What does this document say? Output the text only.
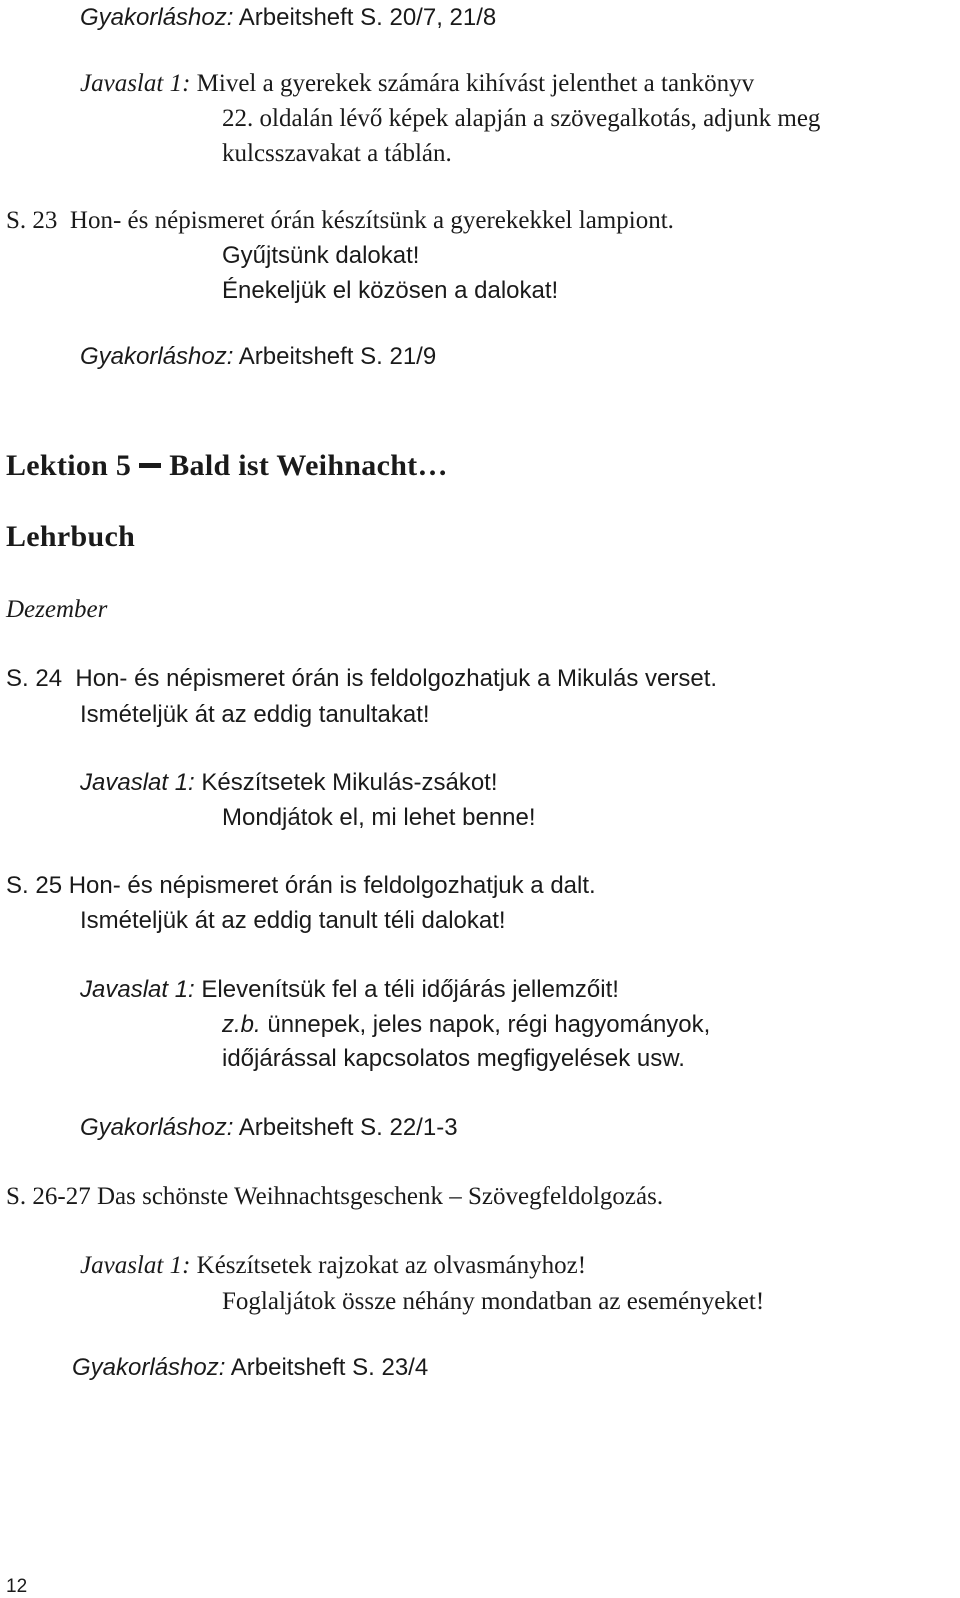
Gyakorláshoz: Arbeitsheft S. 20/7, 21/8
Javaslat 1: Mivel a gyerekek számára kihívást jelenthet a tankönyv
22. oldalán lévő képek alapján a szövegalkotás, adjunk meg
kulcsszavakat a táblán.
S. 23 Hon- és népismeret órán készítsünk a gyerekekkel lampiont.
Gyűjtsünk dalokat!
Énekeljük el közösen a dalokat!
Gyakorláshoz: Arbeitsheft S. 21/9
Lektion 5 Bald ist Weihnacht…
Lehrbuch
Dezember
S. 24 Hon- és népismeret órán is feldolgozhatjuk a Mikulás verset.
Ismételjük át az eddig tanultakat!
Javaslat 1: Készítsetek Mikulás-zsákot!
Mondjátok el, mi lehet benne!
S. 25 Hon- és népismeret órán is feldolgozhatjuk a dalt.
Ismételjük át az eddig tanult téli dalokat!
Javaslat 1: Elevenítsük fel a téli időjárás jellemzőit!
z.b. ünnepek, jeles napok, régi hagyományok,
időjárással kapcsolatos megfigyelések usw.
Gyakorláshoz: Arbeitsheft S. 22/1-3
S. 26-27 Das schönste Weihnachtsgeschenk – Szövegfeldolgozás.
Javaslat 1: Készítsetek rajzokat az olvasmányhoz!
Foglaljátok össze néhány mondatban az eseményeket!
Gyakorláshoz: Arbeitsheft S. 23/4
12
